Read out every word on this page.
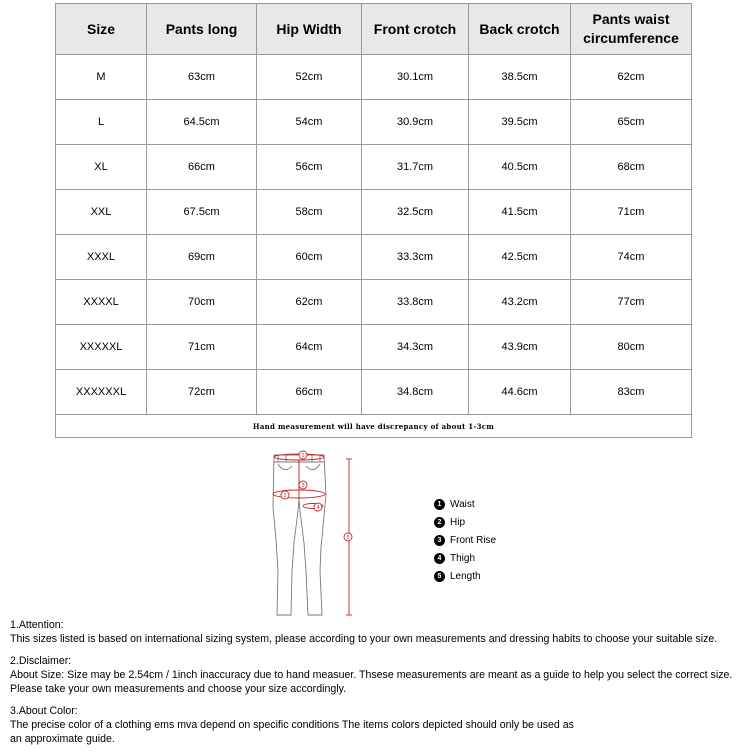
Size	Pants long	Hip Width	Front crotch	Back crotch	Pants waist circumference
M	63cm	52cm	30.1cm	38.5cm	62cm
L	64.5cm	54cm	30.9cm	39.5cm	65cm
XL	66cm	56cm	31.7cm	40.5cm	68cm
XXL	67.5cm	58cm	32.5cm	41.5cm	71cm
XXXL	69cm	60cm	33.3cm	42.5cm	74cm
XXXXL	70cm	62cm	33.8cm	43.2cm	77cm
XXXXXL	71cm	64cm	34.3cm	43.9cm	80cm
XXXXXXL	72cm	66cm	34.8cm	44.6cm	83cm
Hand measurement will have discrepancy of about 1-3cm					
1
2
3
4
5
1 Waist
2 Hip
3 Front Rise
4 Thigh
5 Length
1.Attention:
This sizes listed is based on international sizing system, please according to your own measurements and dressing habits to choose your suitable size.
2.Disclaimer:
About Size: Size may be 2.54cm / 1inch inaccuracy due to hand measuer. Thsese measurements are meant as a guide to help you select the correct size.
Please take your own measurements and choose your size accordingly.
3.About Color:
The precise color of a clothing ems mva depend on specific conditions The items colors depicted should only be used as
an approximate guide.
